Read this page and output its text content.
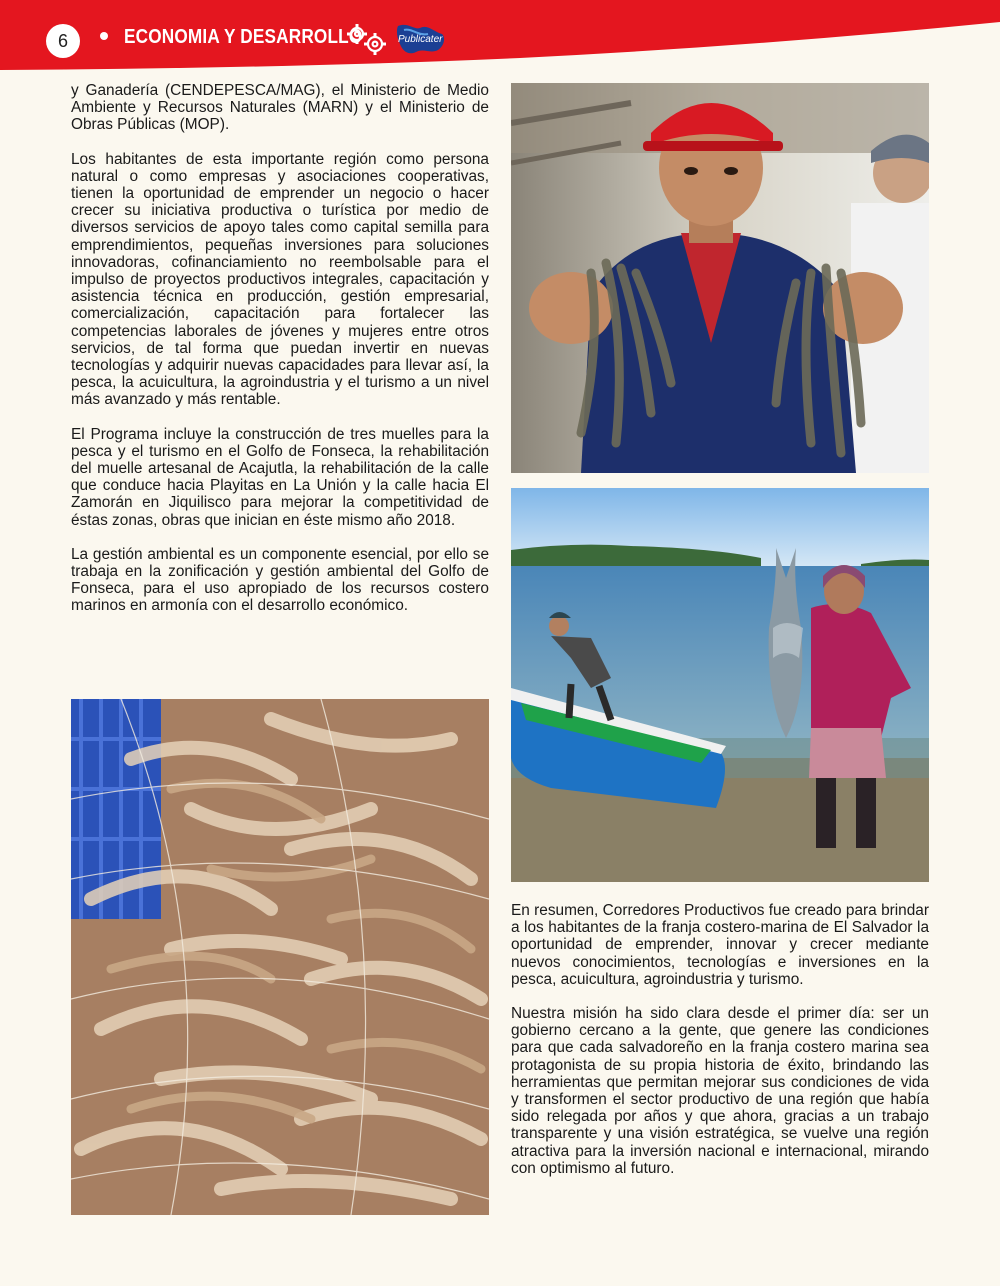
6	ECONOMIA Y DESARROLLO	Publicater

y Ganadería (CENDEPESCA/MAG), el Ministerio de Medio Ambiente y Recursos Naturales (MARN) y el Ministerio de Obras Públicas (MOP).

Los habitantes de esta importante región como persona natural o como empresas y asociaciones cooperativas, tienen la oportunidad de emprender un negocio o hacer crecer su iniciativa productiva o turística por medio de diversos servicios de apoyo tales como capital semilla para emprendimientos, pequeñas inversiones para soluciones innovadoras, cofinanciamiento no reembolsable para el impulso de proyectos productivos integrales, capacitación y asistencia técnica en producción, gestión empresarial, comercialización, capacitación para fortalecer las competencias laborales de jóvenes y mujeres entre otros servicios, de tal forma que puedan invertir en nuevas tecnologías y adquirir nuevas capacidades para llevar así, la pesca, la acuicultura, la agroindustria y el turismo a un nivel más avanzado y más rentable.

El Programa incluye la construcción de tres muelles para la pesca y el turismo en el Golfo de Fonseca, la rehabilitación del muelle artesanal de Acajutla, la rehabilitación de la calle que conduce hacia Playitas en La Unión y la calle hacia El Zamorán en Jiquilisco para mejorar la competitividad de éstas zonas, obras que inician en éste mismo año 2018.

La gestión ambiental es un componente esencial, por ello se trabaja en la zonificación y gestión ambiental del Golfo de Fonseca, para el uso apropiado de los recursos costero marinos en armonía con el desarrollo económico.

En resumen, Corredores Productivos fue creado para brindar a los habitantes de la franja costero-marina de El Salvador la oportunidad de emprender, innovar y crecer mediante nuevos conocimientos, tecnologías e inversiones en la pesca, acuicultura, agroindustria y turismo.

Nuestra misión ha sido clara desde el primer día: ser un gobierno cercano a la gente, que genere las condiciones para que cada salvadoreño en la franja costero marina sea protagonista de su propia historia de éxito, brindando las herramientas que permitan mejorar sus condiciones de vida y transformen el sector productivo de una región que había sido relegada por años y que ahora, gracias a un trabajo transparente y una visión estratégica, se vuelve una región atractiva para la inversión nacional e internacional, mirando con optimismo al futuro.
